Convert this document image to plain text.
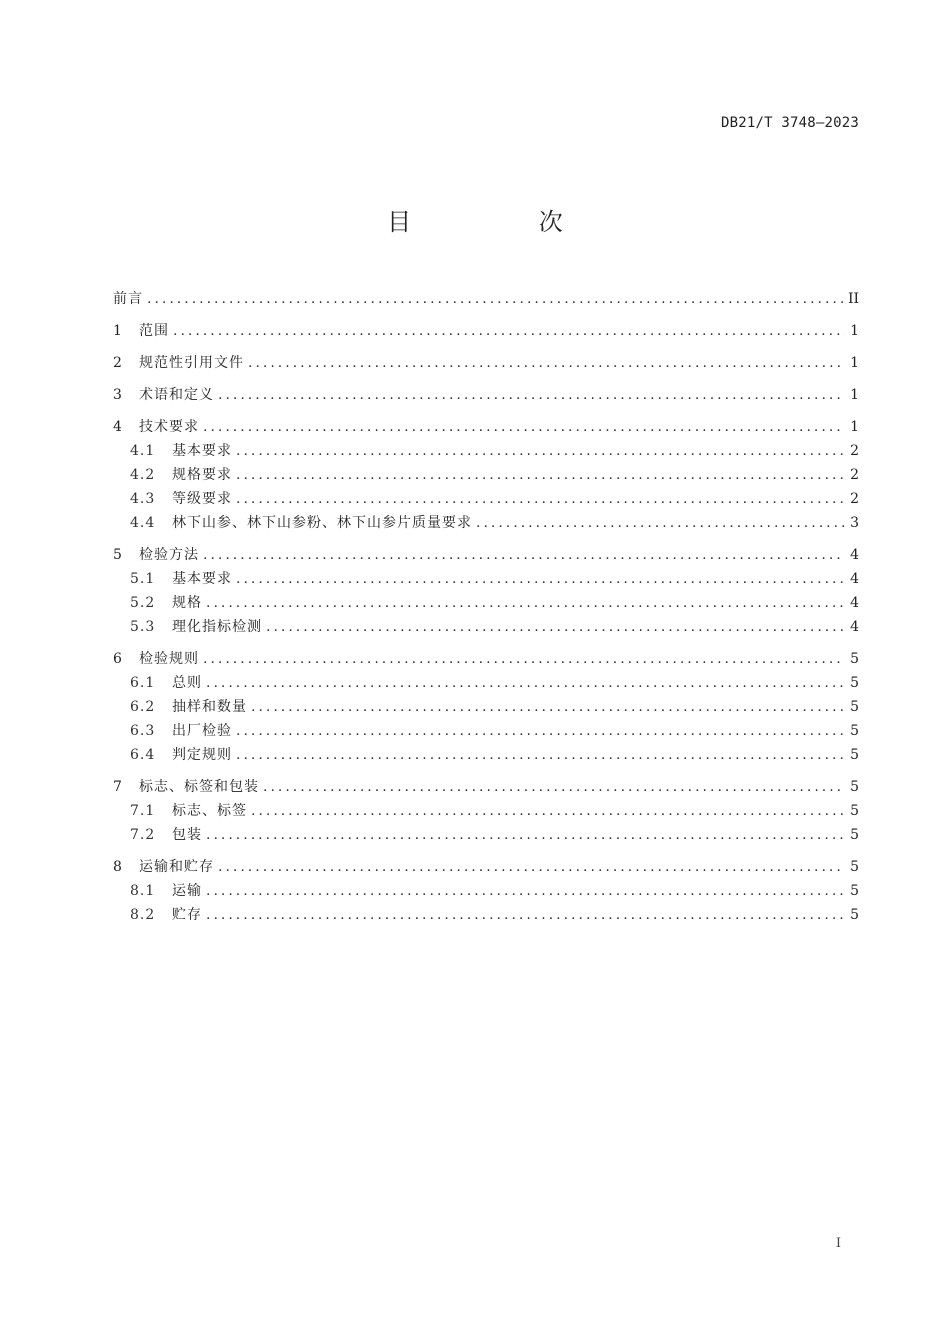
DB21/T 3748—2023
目 次
前言 .....	II
1	范围 .....	1
2	规范性引用文件 .....	1
3	术语和定义 .....	1
4	技术要求 .....	1
4.1	基本要求 .....	2
4.2	规格要求 .....	2
4.3	等级要求 .....	2
4.4	林下山参、林下山参粉、林下山参片质量要求 .....	3
5	检验方法 .....	4
5.1	基本要求 .....	4
5.2	规格 .....	4
5.3	理化指标检测 .....	4
6	检验规则 .....	5
6.1	总则 .....	5
6.2	抽样和数量 .....	5
6.3	出厂检验 .....	5
6.4	判定规则 .....	5
7	标志、标签和包装 .....	5
7.1	标志、标签 .....	5
7.2	包装 .....	5
8	运输和贮存 .....	5
8.1	运输 .....	5
8.2	贮存 .....	5
I
